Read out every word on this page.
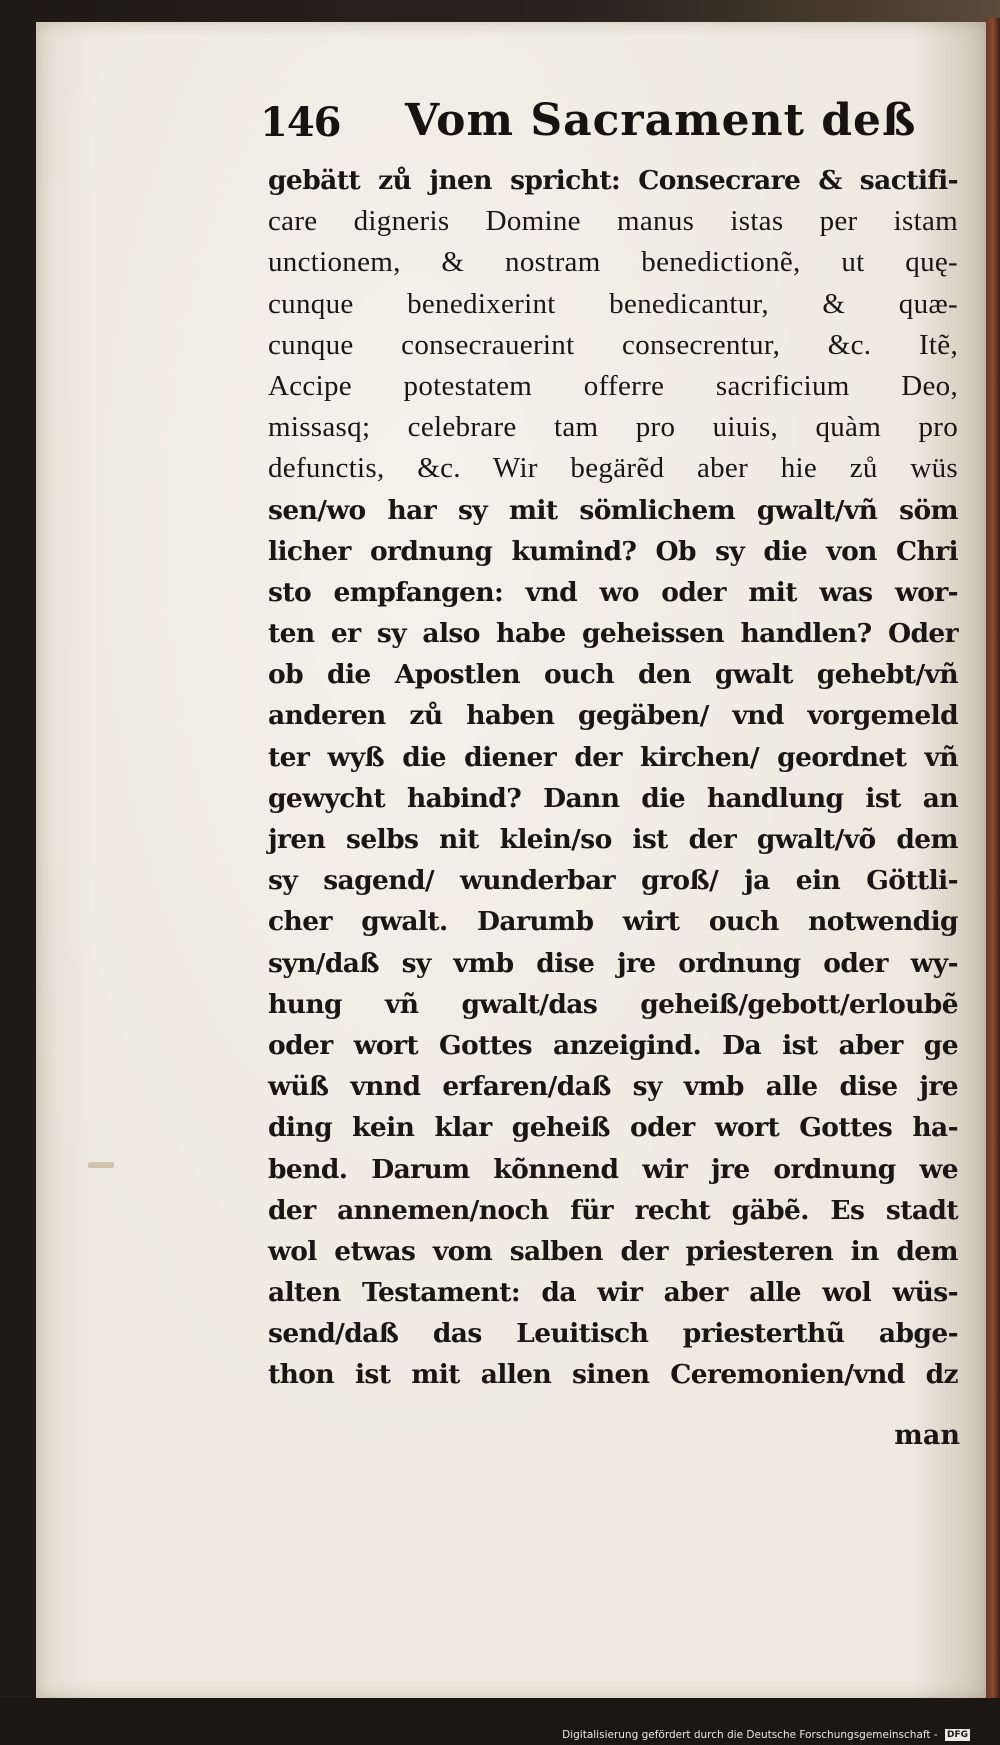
146 Vom Sacrament deß
gebätt zů jnen spricht: Consecrare & sactifi-
care digneris Domine manus istas per istam
unctionem, & nostram benedictionẽ, ut quę-
cunque benedixerint benedicantur, & quæ-
cunque consecrauerint consecrentur, &c. Itẽ,
Accipe potestatem offerre sacrificium Deo,
missasq; celebrare tam pro uiuis, quàm pro
defunctis, &c. Wir begärẽd aber hie zů wüs
sen/wo har sy mit sömlichem gwalt/vñ söm
licher ordnung kumind? Ob sy die von Chri
sto empfangen: vnd wo oder mit was wor-
ten er sy also habe geheissen handlen? Oder
ob die Apostlen ouch den gwalt gehebt/vñ
anderen zů haben gegäben/ vnd vorgemeld
ter wyß die diener der kirchen/ geordnet vñ
gewycht habind? Dann die handlung ist an
jren selbs nit klein/so ist der gwalt/võ dem
sy sagend/ wunderbar groß/ ja ein Göttli-
cher gwalt. Darumb wirt ouch notwendig
syn/daß sy vmb dise jre ordnung oder wy-
hung vñ gwalt/das geheiß/gebott/erloubẽ
oder wort Gottes anzeigind. Da ist aber ge
wüß vnnd erfaren/daß sy vmb alle dise jre
ding kein klar geheiß oder wort Gottes ha-
bend. Darum kõnnend wir jre ordnung we
der annemen/noch für recht gäbẽ. Es stadt
wol etwas vom salben der priesteren in dem
alten Testament: da wir aber alle wol wüs-
send/daß das Leuitisch priesterthũ abge-
thon ist mit allen sinen Ceremonien/vnd dz
man
Digitalisierung gefördert durch die Deutsche Forschungsgemeinschaft - DFG
